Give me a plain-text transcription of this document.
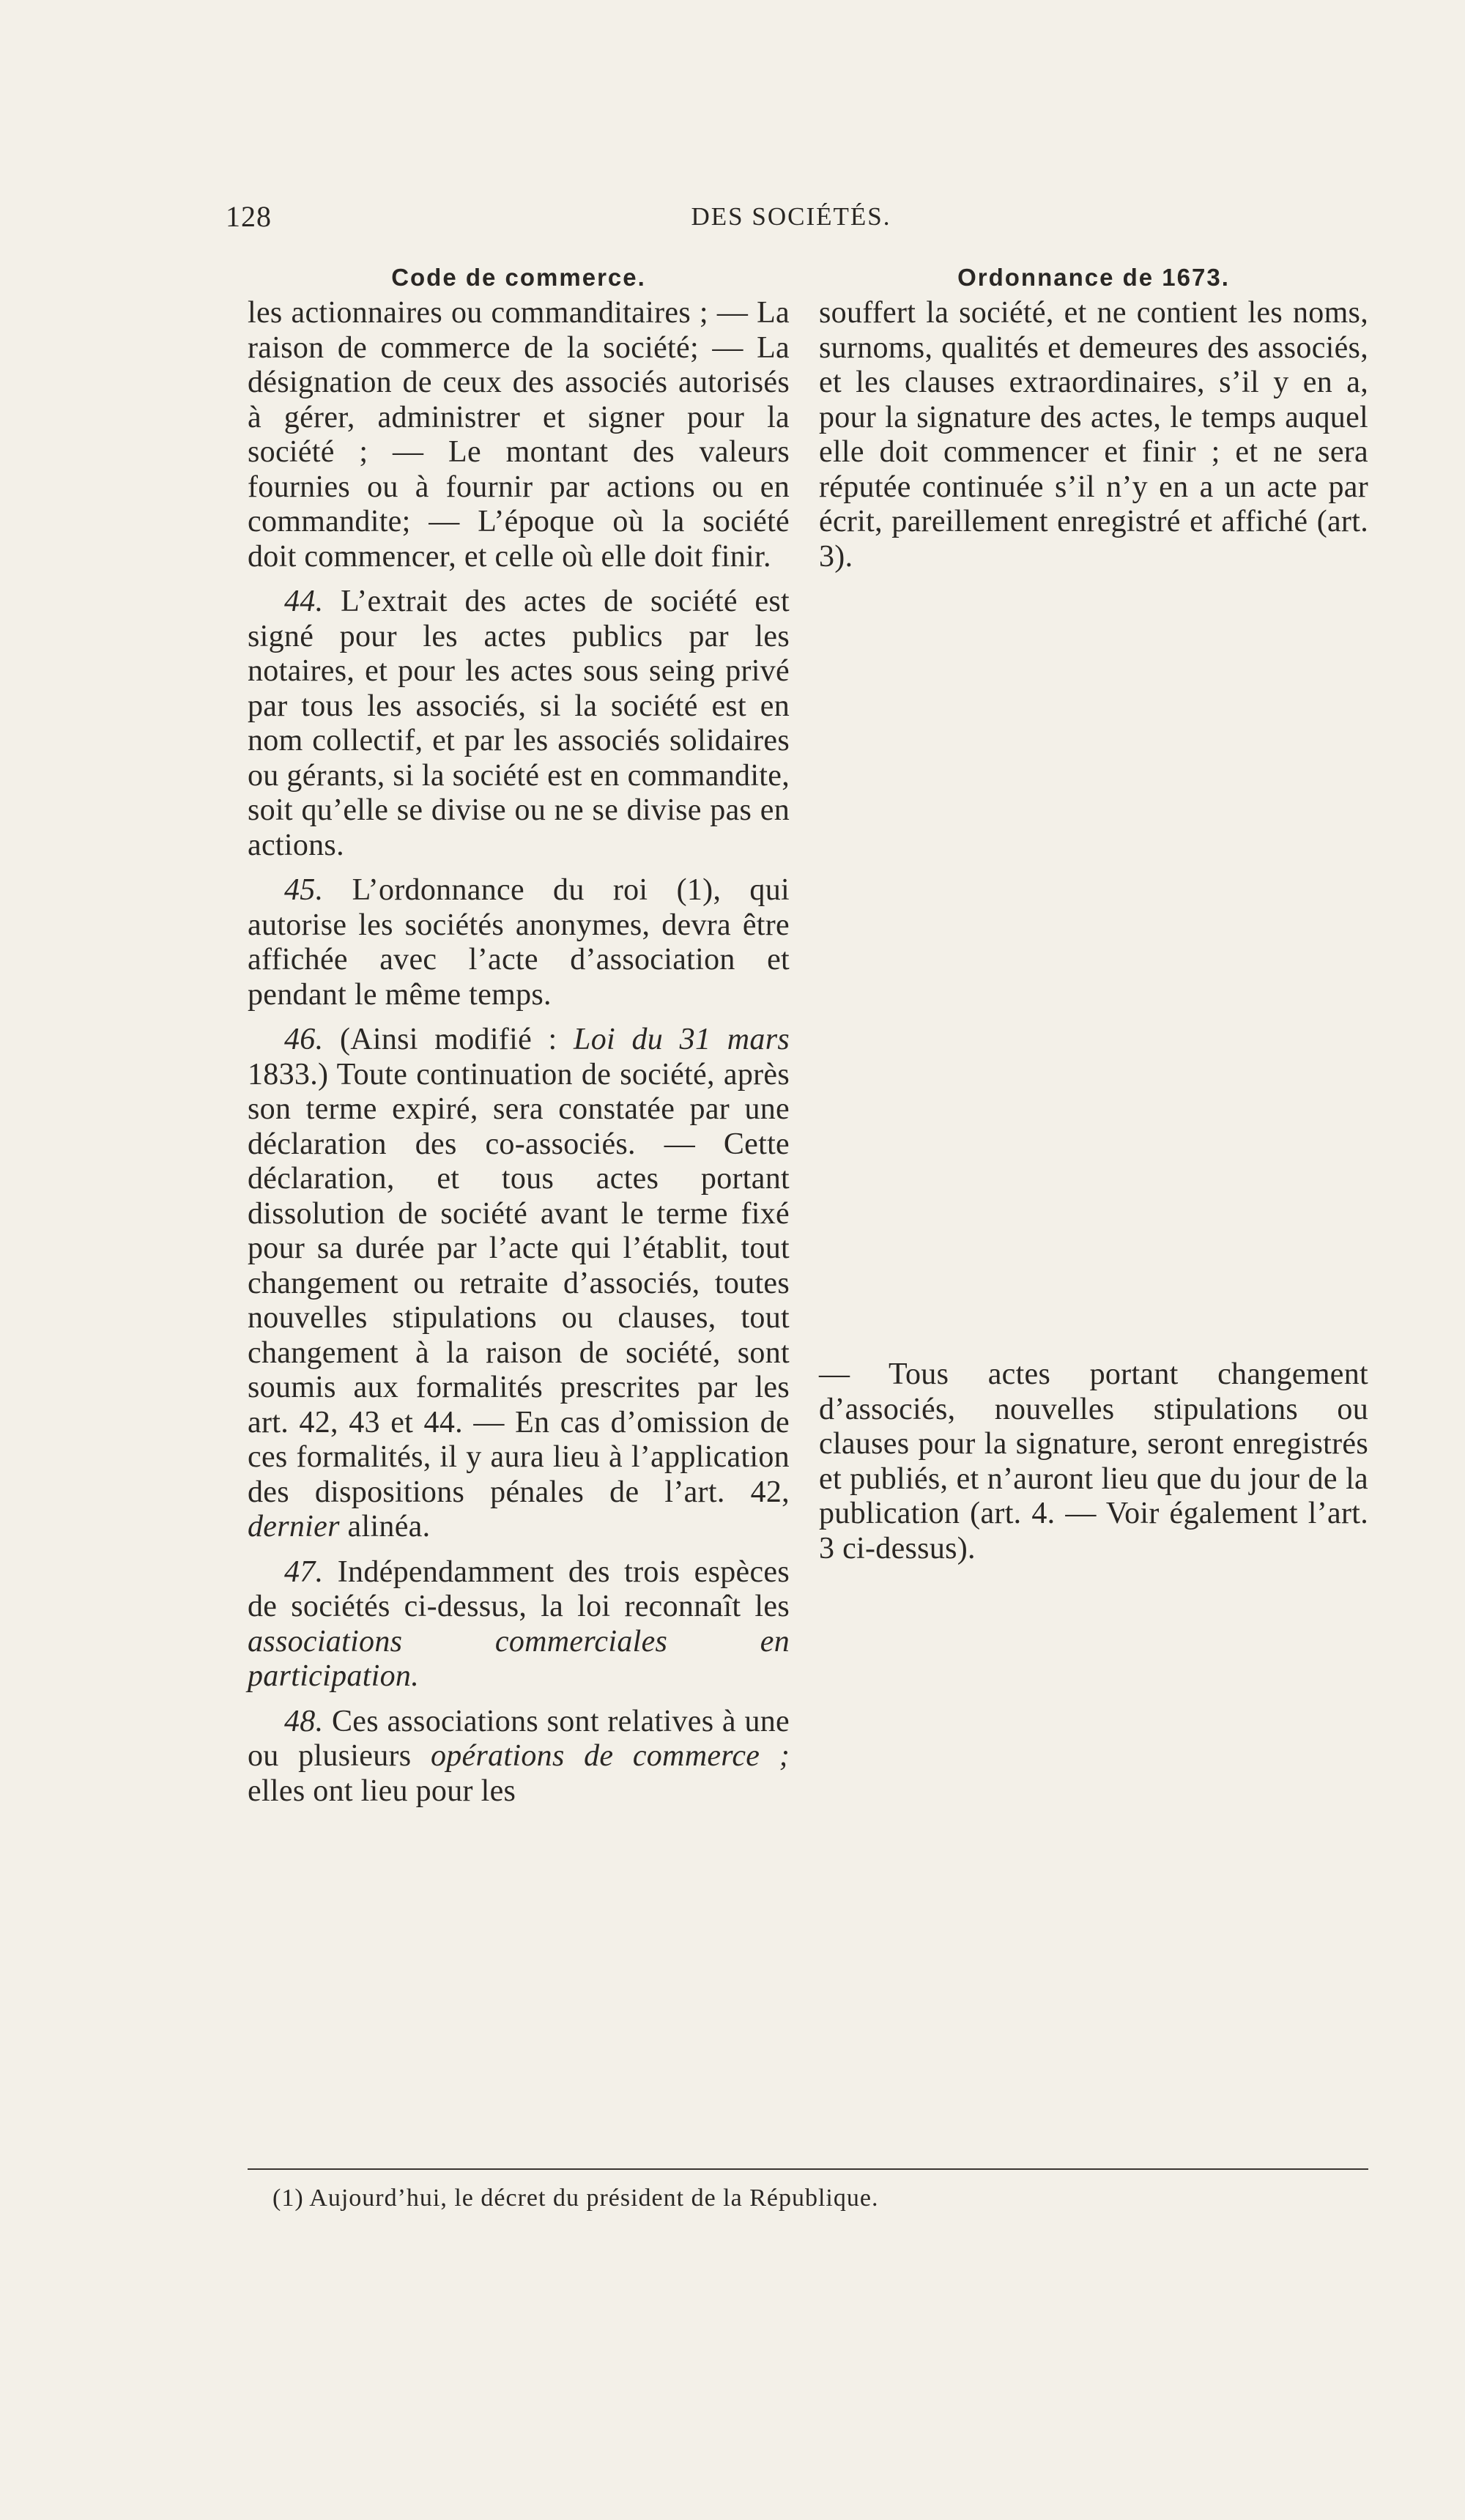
128	DES SOCIÉTÉS.
Code de commerce.

les actionnaires ou commanditaires ; — La raison de commerce de la société; — La désignation de ceux des associés autorisés à gérer, administrer et signer pour la société ; — Le montant des valeurs fournies ou à fournir par actions ou en commandite; — L’époque où la société doit commencer, et celle où elle doit finir.

44. L’extrait des actes de société est signé pour les actes publics par les notaires, et pour les actes sous seing privé par tous les associés, si la société est en nom collectif, et par les associés solidaires ou gérants, si la société est en commandite, soit qu’elle se divise ou ne se divise pas en actions.

45. L’ordonnance du roi (1), qui autorise les sociétés anonymes, devra être affichée avec l’acte d’association et pendant le même temps.

46. (Ainsi modifié : Loi du 31 mars 1833.) Toute continuation de société, après son terme expiré, sera constatée par une déclaration des co-associés. — Cette déclaration, et tous actes portant dissolution de société avant le terme fixé pour sa durée par l’acte qui l’établit, tout changement ou retraite d’associés, toutes nouvelles stipulations ou clauses, tout changement à la raison de société, sont soumis aux formalités prescrites par les art. 42, 43 et 44. — En cas d’omission de ces formalités, il y aura lieu à l’application des dispositions pénales de l’art. 42, dernier alinéa.

47. Indépendamment des trois espèces de sociétés ci-dessus, la loi reconnaît les associations commerciales en participation.

48. Ces associations sont relatives à une ou plusieurs opérations de commerce ; elles ont lieu pour les

Ordonnance de 1673.

souffert la société, et ne contient les noms, surnoms, qualités et demeures des associés, et les clauses extraordinaires, s’il y en a, pour la signature des actes, le temps auquel elle doit commencer et finir ; et ne sera réputée continuée s’il n’y en a un acte par écrit, pareillement enregistré et affiché (art. 3).

— Tous actes portant changement d’associés, nouvelles stipulations ou clauses pour la signature, seront enregistrés et publiés, et n’auront lieu que du jour de la publication (art. 4. — Voir également l’art. 3 ci-dessus).

(1) Aujourd’hui, le décret du président de la République.
